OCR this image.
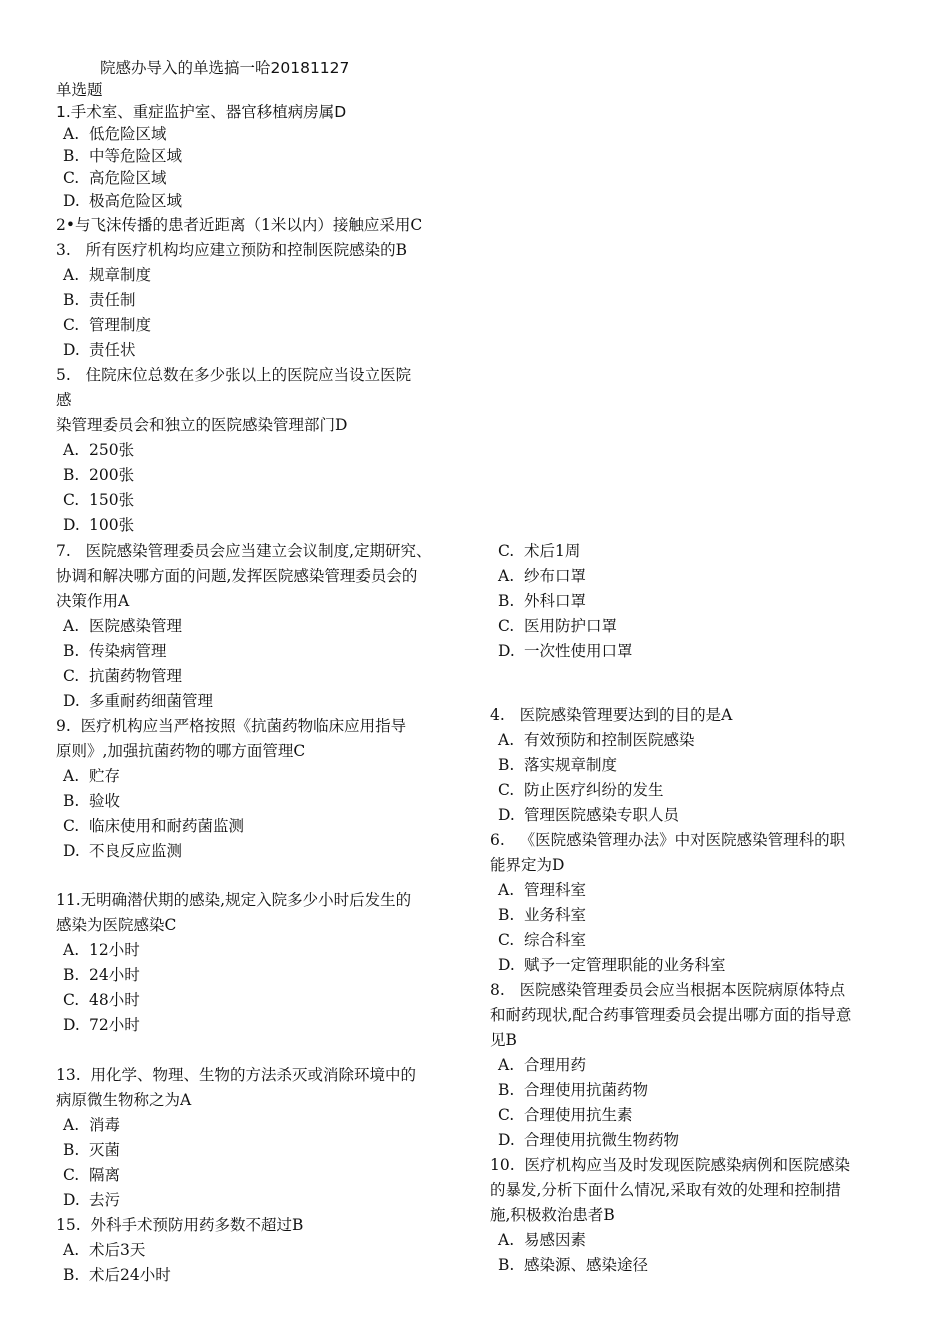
院感办导入的单选搞一哈20181127
单选题
1.手术室、重症监护室、器官移植病房属D
A. 低危险区域
B. 中等危险区域
C. 高危险区域
D. 极高危险区域
2•与飞沫传播的患者近距离（1米以内）接触应采用C
3.   所有医疗机构均应建立预防和控制医院感染的B
A. 规章制度
B. 责任制
C. 管理制度
D. 责任状
5.   住院床位总数在多少张以上的医院应当设立医院
感
染管理委员会和独立的医院感染管理部门D
A. 250张
B. 200张
C. 150张
D. 100张
7.   医院感染管理委员会应当建立会议制度,定期研究、
协调和解决哪方面的问题,发挥医院感染管理委员会的
决策作用A
A. 医院感染管理
B. 传染病管理
C. 抗菌药物管理
D. 多重耐药细菌管理
9.  医疗机构应当严格按照《抗菌药物临床应用指导
原则》,加强抗菌药物的哪方面管理C
A. 贮存
B. 验收
C. 临床使用和耐药菌监测
D. 不良反应监测
11.无明确潜伏期的感染,规定入院多少小时后发生的
感染为医院感染C
A. 12小时
B. 24小时
C. 48小时
D. 72小时
13.  用化学、物理、生物的方法杀灭或消除环境中的
病原微生物称之为A
A. 消毒
B. 灭菌
C. 隔离
D. 去污
15.  外科手术预防用药多数不超过B
A. 术后3天
B. 术后24小时
C. 术后1周
A. 纱布口罩
B. 外科口罩
C. 医用防护口罩
D. 一次性使用口罩
4.   医院感染管理要达到的目的是A
A. 有效预防和控制医院感染
B. 落实规章制度
C. 防止医疗纠纷的发生
D. 管理医院感染专职人员
6.   《医院感染管理办法》中对医院感染管理科的职
能界定为D
A. 管理科室
B. 业务科室
C. 综合科室
D. 赋予一定管理职能的业务科室
8.   医院感染管理委员会应当根据本医院病原体特点
和耐药现状,配合药事管理委员会提出哪方面的指导意
见B
A. 合理用药
B. 合理使用抗菌药物
C. 合理使用抗生素
D. 合理使用抗微生物药物
10.  医疗机构应当及时发现医院感染病例和医院感染
的暴发,分析下面什么情况,采取有效的处理和控制措
施,积极救治患者B
A. 易感因素
B. 感染源、感染途径
